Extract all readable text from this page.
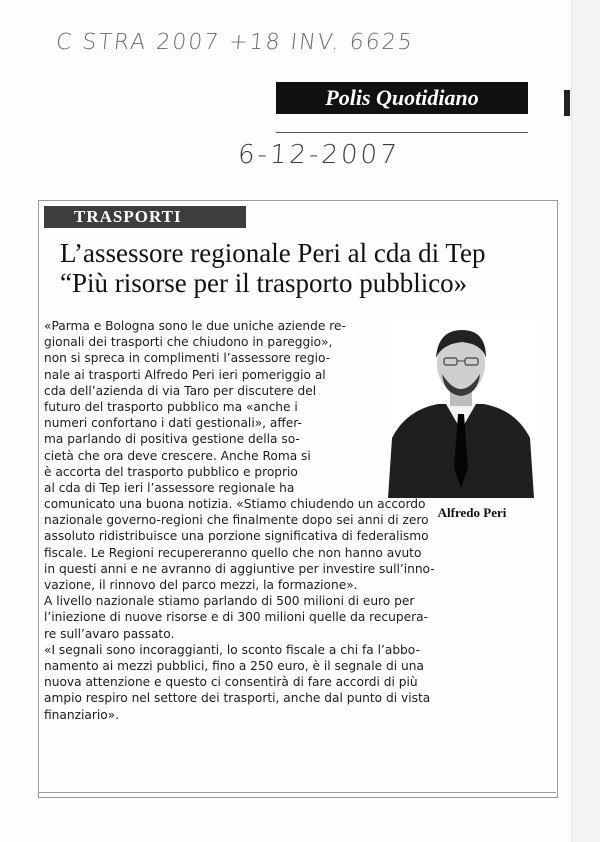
C STRA 2007 +18 INV. 6625
Polis Quotidiano
6-12-2007
TRASPORTI
L’assessore regionale Peri al cda di Tep
“Più risorse per il trasporto pubblico»
Alfredo Peri
«Parma e Bologna sono le due uniche aziende re-
gionali dei trasporti che chiudono in pareggio»,
non si spreca in complimenti l’assessore regio-
nale ai trasporti Alfredo Peri ieri pomeriggio al
cda dell’azienda di via Taro per discutere del
futuro del trasporto pubblico ma «anche i
numeri confortano i dati gestionali», affer-
ma parlando di positiva gestione della so-
cietà che ora deve crescere. Anche Roma si
è accorta del trasporto pubblico e proprio
al cda di Tep ieri l’assessore regionale ha
comunicato una buona notizia. «Stiamo chiudendo un accordo
nazionale governo-regioni che finalmente dopo sei anni di zero
assoluto ridistribuisce una porzione significativa di federalismo
fiscale. Le Regioni recupereranno quello che non hanno avuto
in questi anni e ne avranno di aggiuntive per investire sull’inno-
vazione, il rinnovo del parco mezzi, la formazione».
A livello nazionale stiamo parlando di 500 milioni di euro per
l’iniezione di nuove risorse e di 300 milioni quelle da recupera-
re sull’avaro passato.
«I segnali sono incoraggianti, lo sconto fiscale a chi fa l’abbo-
namento ai mezzi pubblici, fino a 250 euro, è il segnale di una
nuova attenzione e questo ci consentirà di fare accordi di più
ampio respiro nel settore dei trasporti, anche dal punto di vista
finanziario».
